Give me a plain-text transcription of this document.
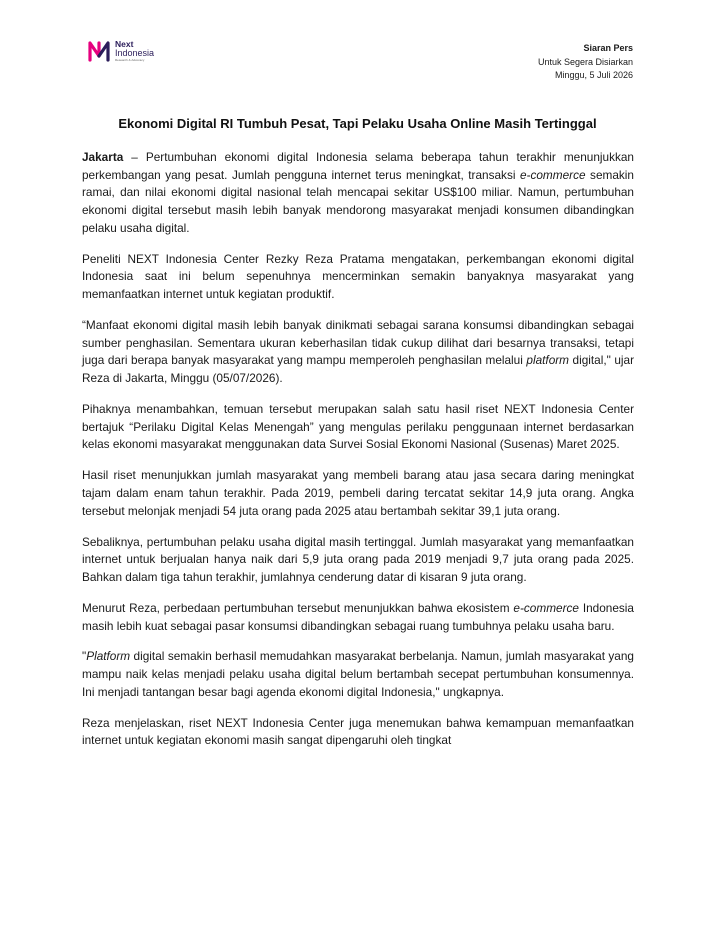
Next
Indonesia
Research & Advocacy
Siaran Pers
Untuk Segera Disiarkan
Minggu, 5 Juli 2026
Ekonomi Digital RI Tumbuh Pesat, Tapi Pelaku Usaha Online Masih Tertinggal

Jakarta – Pertumbuhan ekonomi digital Indonesia selama beberapa tahun terakhir menunjukkan perkembangan yang pesat. Jumlah pengguna internet terus meningkat, transaksi e-commerce semakin ramai, dan nilai ekonomi digital nasional telah mencapai sekitar US$100 miliar. Namun, pertumbuhan ekonomi digital tersebut masih lebih banyak mendorong masyarakat menjadi konsumen dibandingkan pelaku usaha digital.

Peneliti NEXT Indonesia Center Rezky Reza Pratama mengatakan, perkembangan ekonomi digital Indonesia saat ini belum sepenuhnya mencerminkan semakin banyaknya masyarakat yang memanfaatkan internet untuk kegiatan produktif.

“Manfaat ekonomi digital masih lebih banyak dinikmati sebagai sarana konsumsi dibandingkan sebagai sumber penghasilan. Sementara ukuran keberhasilan tidak cukup dilihat dari besarnya transaksi, tetapi juga dari berapa banyak masyarakat yang mampu memperoleh penghasilan melalui platform digital," ujar Reza di Jakarta, Minggu (05/07/2026).

Pihaknya menambahkan, temuan tersebut merupakan salah satu hasil riset NEXT Indonesia Center bertajuk “Perilaku Digital Kelas Menengah” yang mengulas perilaku penggunaan internet berdasarkan kelas ekonomi masyarakat menggunakan data Survei Sosial Ekonomi Nasional (Susenas) Maret 2025.

Hasil riset menunjukkan jumlah masyarakat yang membeli barang atau jasa secara daring meningkat tajam dalam enam tahun terakhir. Pada 2019, pembeli daring tercatat sekitar 14,9 juta orang. Angka tersebut melonjak menjadi 54 juta orang pada 2025 atau bertambah sekitar 39,1 juta orang.

Sebaliknya, pertumbuhan pelaku usaha digital masih tertinggal. Jumlah masyarakat yang memanfaatkan internet untuk berjualan hanya naik dari 5,9 juta orang pada 2019 menjadi 9,7 juta orang pada 2025. Bahkan dalam tiga tahun terakhir, jumlahnya cenderung datar di kisaran 9 juta orang.

Menurut Reza, perbedaan pertumbuhan tersebut menunjukkan bahwa ekosistem e-commerce Indonesia masih lebih kuat sebagai pasar konsumsi dibandingkan sebagai ruang tumbuhnya pelaku usaha baru.

"Platform digital semakin berhasil memudahkan masyarakat berbelanja. Namun, jumlah masyarakat yang mampu naik kelas menjadi pelaku usaha digital belum bertambah secepat pertumbuhan konsumennya. Ini menjadi tantangan besar bagi agenda ekonomi digital Indonesia," ungkapnya.

Reza menjelaskan, riset NEXT Indonesia Center juga menemukan bahwa kemampuan memanfaatkan internet untuk kegiatan ekonomi masih sangat dipengaruhi oleh tingkat
